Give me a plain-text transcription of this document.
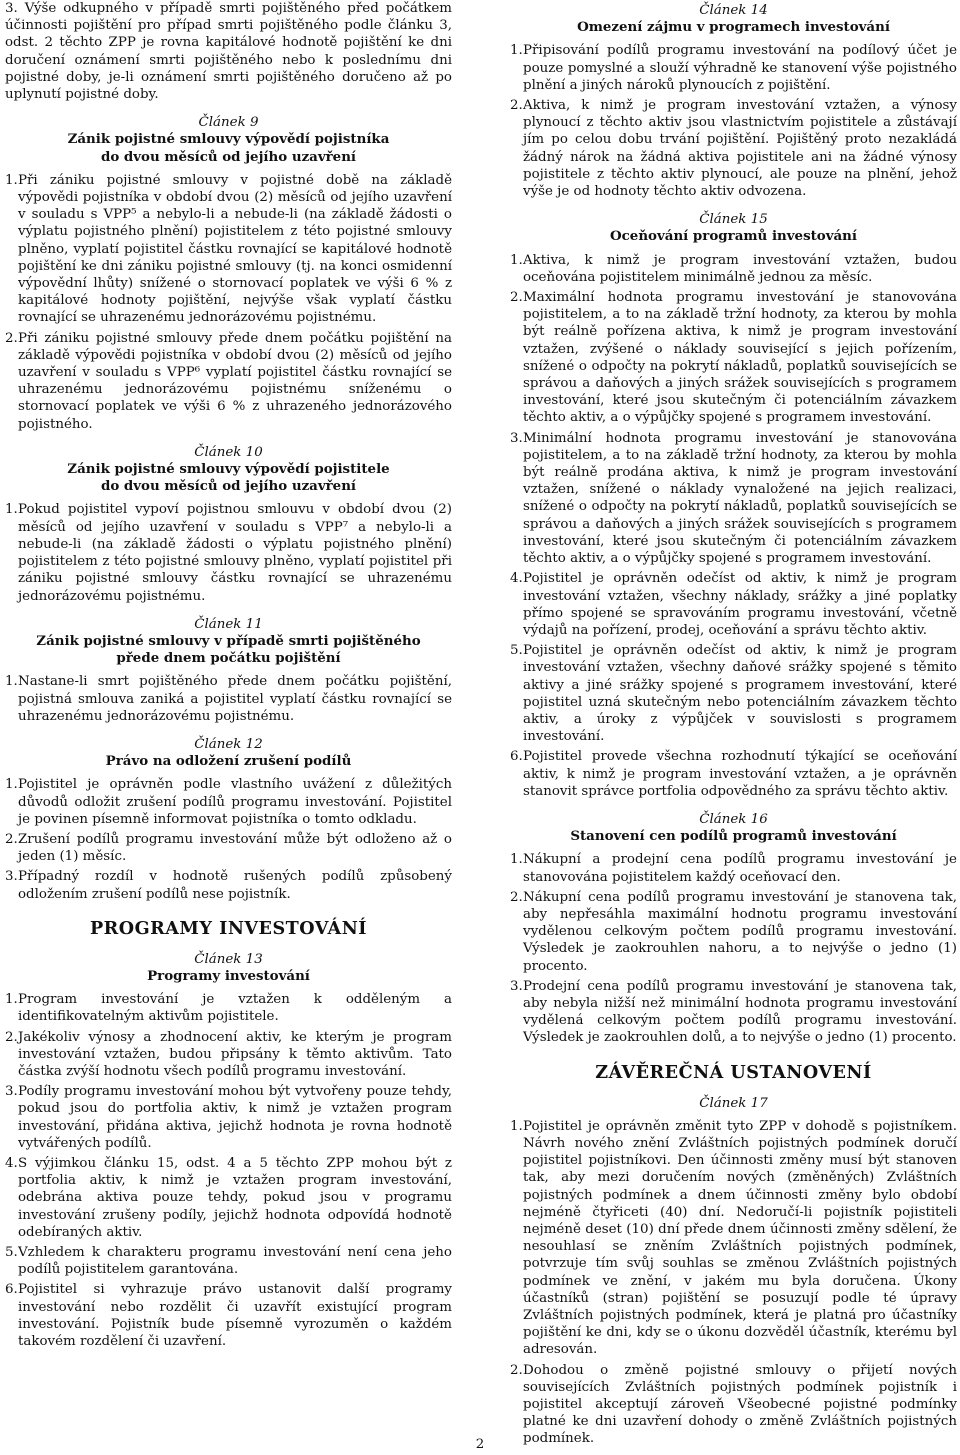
3. Výše odkupného v případě smrti pojištěného před počátkem účinnosti pojištění pro případ smrti pojištěného podle článku 3, odst. 2 těchto ZPP je rovna kapitálové hodnotě pojištění ke dni doručení oznámení smrti pojištěného nebo k poslednímu dni pojistné doby, je-li oznámení smrti pojištěného doručeno až po uplynutí pojistné doby.

Článek 9
Zánik pojistné smlouvy výpovědí pojistníka
do dvou měsíců od jejího uzavření
1. Při zániku pojistné smlouvy v pojistné době na základě výpovědi pojistníka v období dvou (2) měsíců od jejího uzavření v souladu s VPP⁵ a nebylo-li a nebude-li (na základě žádosti o výplatu pojistného plnění) pojistitelem z této pojistné smlouvy plněno, vyplatí pojistitel částku rovnající se kapitálové hodnotě pojištění ke dni zániku pojistné smlouvy (tj. na konci osmidenní výpovědní lhůty) snížené o stornovací poplatek ve výši 6 % z kapitálové hodnoty pojištění, nejvýše však vyplatí částku rovnající se uhrazenému jednorázovému pojistnému.
2. Při zániku pojistné smlouvy přede dnem počátku pojištění na základě výpovědi pojistníka v období dvou (2) měsíců od jejího uzavření v souladu s VPP⁶ vyplatí pojistitel částku rovnající se uhrazenému jednorázovému pojistnému sníženému o stornovací poplatek ve výši 6 % z uhrazeného jednorázového pojistného.
Článek 10
Zánik pojistné smlouvy výpovědí pojistitele
do dvou měsíců od jejího uzavření
1. Pokud pojistitel vypoví pojistnou smlouvu v období dvou (2) měsíců od jejího uzavření v souladu s VPP⁷ a nebylo-li a nebude-li (na základě žádosti o výplatu pojistného plnění) pojistitelem z této pojistné smlouvy plněno, vyplatí pojistitel při zániku pojistné smlouvy částku rovnající se uhrazenému jednorázovému pojistnému.
Článek 11
Zánik pojistné smlouvy v případě smrti pojištěného
přede dnem počátku pojištění
1. Nastane-li smrt pojištěného přede dnem počátku pojištění, pojistná smlouva zaniká a pojistitel vyplatí částku rovnající se uhrazenému jednorázovému pojistnému.
Článek 12
Právo na odložení zrušení podílů
1. Pojistitel je oprávněn podle vlastního uvážení z důležitých důvodů odložit zrušení podílů programu investování. Pojistitel je povinen písemně informovat pojistníka o tomto odkladu.
2. Zrušení podílů programu investování může být odloženo až o jeden (1) měsíc.
3. Případný rozdíl v hodnotě rušených podílů způsobený odložením zrušení podílů nese pojistník.
PROGRAMY INVESTOVÁNÍ
Článek 13
Programy investování
1. Program investování je vztažen k odděleným a identifikovatelným aktivům pojistitele.
2. Jakékoliv výnosy a zhodnocení aktiv, ke kterým je program investování vztažen, budou připsány k těmto aktivům. Tato částka zvýší hodnotu všech podílů programu investování.
3. Podíly programu investování mohou být vytvořeny pouze tehdy, pokud jsou do portfolia aktiv, k nimž je vztažen program investování, přidána aktiva, jejichž hodnota je rovna hodnotě vytvářených podílů.
4. S výjimkou článku 15, odst. 4 a 5 těchto ZPP mohou být z portfolia aktiv, k nimž je vztažen program investování, odebrána aktiva pouze tehdy, pokud jsou v programu investování zrušeny podíly, jejichž hodnota odpovídá hodnotě odebíraných aktiv.
5. Vzhledem k charakteru programu investování není cena jeho podílů pojistitelem garantována.
6. Pojistitel si vyhrazuje právo ustanovit další programy investování nebo rozdělit či uzavřít existující program investování. Pojistník bude písemně vyrozuměn o každém takovém rozdělení či uzavření.
Článek 14
Omezení zájmu v programech investování
1. Připisování podílů programu investování na podílový účet je pouze pomyslné a slouží výhradně ke stanovení výše pojistného plnění a jiných nároků plynoucích z pojištění.
2. Aktiva, k nimž je program investování vztažen, a výnosy plynoucí z těchto aktiv jsou vlastnictvím pojistitele a zůstávají jím po celou dobu trvání pojištění. Pojištěný proto nezakládá žádný nárok na žádná aktiva pojistitele ani na žádné výnosy pojistitele z těchto aktiv plynoucí, ale pouze na plnění, jehož výše je od hodnoty těchto aktiv odvozena.
Článek 15
Oceňování programů investování
1. Aktiva, k nimž je program investování vztažen, budou oceňována pojistitelem minimálně jednou za měsíc.
2. Maximální hodnota programu investování je stanovována pojistitelem, a to na základě tržní hodnoty, za kterou by mohla být reálně pořízena aktiva, k nimž je program investování vztažen, zvýšené o náklady související s jejich pořízením, snížené o odpočty na pokrytí nákladů, poplatků souvisejících se správou a daňových a jiných srážek souvisejících s programem investování, které jsou skutečným či potenciálním závazkem těchto aktiv, a o výpůjčky spojené s programem investování.
3. Minimální hodnota programu investování je stanovována pojistitelem, a to na základě tržní hodnoty, za kterou by mohla být reálně prodána aktiva, k nimž je program investování vztažen, snížené o náklady vynaložené na jejich realizaci, snížené o odpočty na pokrytí nákladů, poplatků souvisejících se správou a daňových a jiných srážek souvisejících s programem investování, které jsou skutečným či potenciálním závazkem těchto aktiv, a o výpůjčky spojené s programem investování.
4. Pojistitel je oprávněn odečíst od aktiv, k nimž je program investování vztažen, všechny náklady, srážky a jiné poplatky přímo spojené se spravováním programu investování, včetně výdajů na pořízení, prodej, oceňování a správu těchto aktiv.
5. Pojistitel je oprávněn odečíst od aktiv, k nimž je program investování vztažen, všechny daňové srážky spojené s těmito aktivy a jiné srážky spojené s programem investování, které pojistitel uzná skutečným nebo potenciálním závazkem těchto aktiv, a úroky z výpůjček v souvislosti s programem investování.
6. Pojistitel provede všechna rozhodnutí týkající se oceňování aktiv, k nimž je program investování vztažen, a je oprávněn stanovit správce portfolia odpovědného za správu těchto aktiv.
Článek 16
Stanovení cen podílů programů investování
1. Nákupní a prodejní cena podílů programu investování je stanovována pojistitelem každý oceňovací den.
2. Nákupní cena podílů programu investování je stanovena tak, aby nepřesáhla maximální hodnotu programu investování vydělenou celkovým počtem podílů programu investování. Výsledek je zaokrouhlen nahoru, a to nejvýše o jedno (1) procento.
3. Prodejní cena podílů programu investování je stanovena tak, aby nebyla nižší než minimální hodnota programu investování vydělená celkovým počtem podílů programu investování. Výsledek je zaokrouhlen dolů, a to nejvýše o jedno (1) procento.
ZÁVĚREČNÁ USTANOVENÍ
Článek 17
1. Pojistitel je oprávněn změnit tyto ZPP v dohodě s pojistníkem. Návrh nového znění Zvláštních pojistných podmínek doručí pojistitel pojistníkovi. Den účinnosti změny musí být stanoven tak, aby mezi doručením nových (změněných) Zvláštních pojistných podmínek a dnem účinnosti změny bylo období nejméně čtyřiceti (40) dní. Nedoručí-li pojistník pojistiteli nejméně deset (10) dní přede dnem účinnosti změny sdělení, že nesouhlasí se zněním Zvláštních pojistných podmínek, potvrzuje tím svůj souhlas se změnou Zvláštních pojistných podmínek ve znění, v jakém mu byla doručena. Úkony účastníků (stran) pojištění se posuzují podle té úpravy Zvláštních pojistných podmínek, která je platná pro účastníky pojištění ke dni, kdy se o úkonu dozvěděl účastník, kterému byl adresován.
2. Dohodou o změně pojistné smlouvy o přijetí nových souvisejících Zvláštních pojistných podmínek pojistník i pojistitel akceptují zároveň Všeobecné pojistné podmínky platné ke dni uzavření dohody o změně Zvláštních pojistných podmínek.
2
